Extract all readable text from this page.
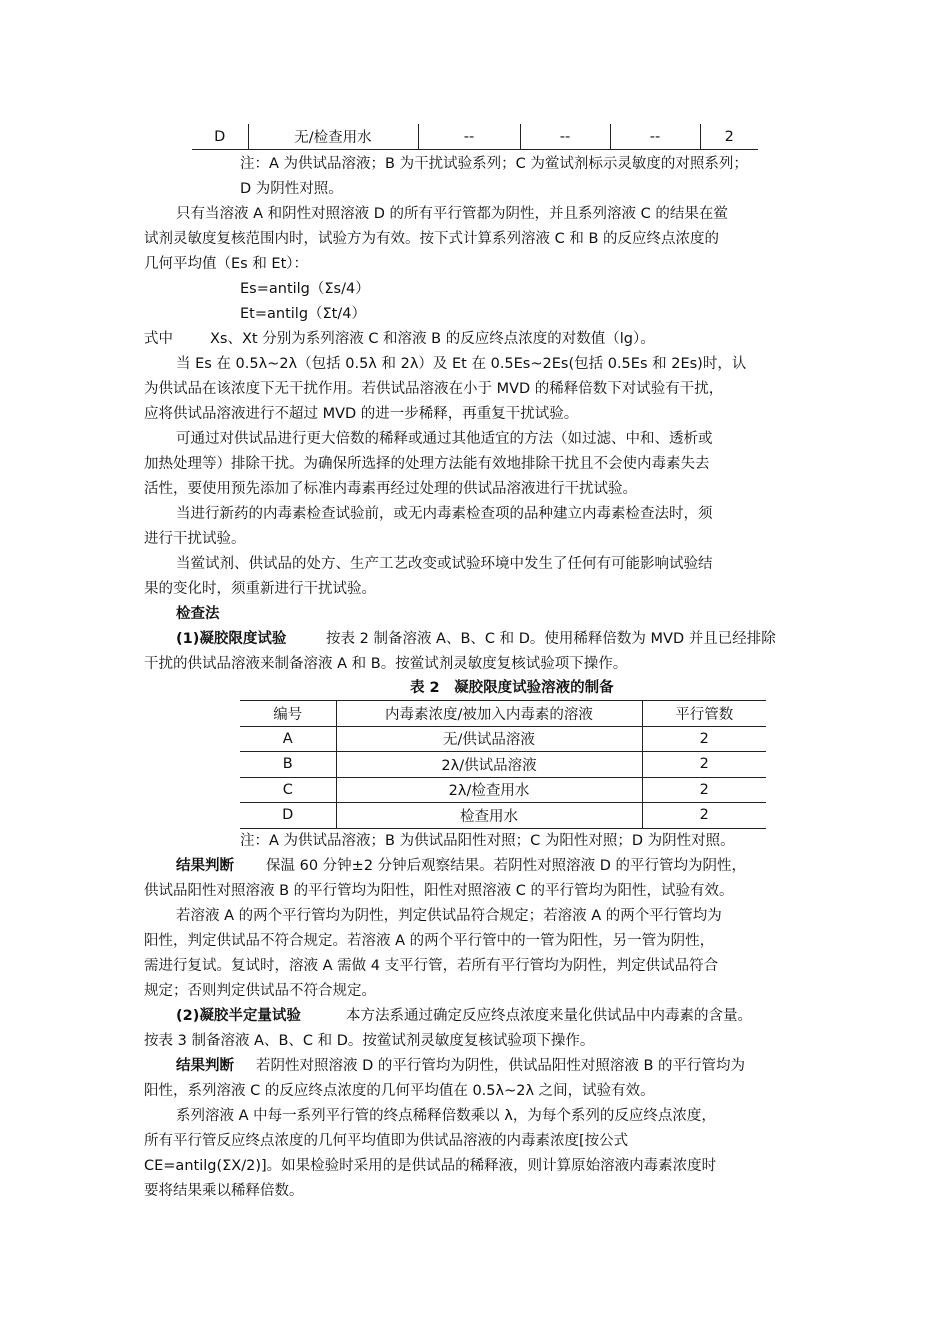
D	无/检查用水	--	--	--	2
注：A 为供试品溶液；B 为干扰试验系列；C 为鲎试剂标示灵敏度的对照系列；
D 为阴性对照。
只有当溶液 A 和阴性对照溶液 D 的所有平行管都为阴性，并且系列溶液 C 的结果在鲎
试剂灵敏度复核范围内时，试验方为有效。按下式计算系列溶液 C 和 B 的反应终点浓度的
几何平均值（Es 和 Et）：
Es=antilg（Σs/4）
Et=antilg（Σt/4）
式中	Xs、Xt 分别为系列溶液 C 和溶液 B 的反应终点浓度的对数值（lg）。
当 Es 在 0.5λ~2λ（包括 0.5λ 和 2λ）及 Et 在 0.5Es~2Es(包括 0.5Es 和 2Es)时，认
为供试品在该浓度下无干扰作用。若供试品溶液在小于 MVD 的稀释倍数下对试验有干扰，
应将供试品溶液进行不超过 MVD 的进一步稀释，再重复干扰试验。
可通过对供试品进行更大倍数的稀释或通过其他适宜的方法（如过滤、中和、透析或
加热处理等）排除干扰。为确保所选择的处理方法能有效地排除干扰且不会使内毒素失去
活性，要使用预先添加了标准内毒素再经过处理的供试品溶液进行干扰试验。
当进行新药的内毒素检查试验前，或无内毒素检查项的品种建立内毒素检查法时，须
进行干扰试验。
当鲎试剂、供试品的处方、生产工艺改变或试验环境中发生了任何有可能影响试验结
果的变化时，须重新进行干扰试验。
检查法
(1)凝胶限度试验	按表 2 制备溶液 A、B、C 和 D。使用稀释倍数为 MVD 并且已经排除
干扰的供试品溶液来制备溶液 A 和 B。按鲎试剂灵敏度复核试验项下操作。
表 2　凝胶限度试验溶液的制备
编号	内毒素浓度/被加入内毒素的溶液	平行管数
A	无/供试品溶液	2
B	2λ/供试品溶液	2
C	2λ/检查用水	2
D	检查用水	2
注：A 为供试品溶液；B 为供试品阳性对照；C 为阳性对照；D 为阴性对照。
结果判断 保温 60 分钟±2 分钟后观察结果。若阴性对照溶液 D 的平行管均为阴性，
供试品阳性对照溶液 B 的平行管均为阳性，阳性对照溶液 C 的平行管均为阳性，试验有效。
若溶液 A 的两个平行管均为阴性，判定供试品符合规定；若溶液 A 的两个平行管均为
阳性，判定供试品不符合规定。若溶液 A 的两个平行管中的一管为阳性，另一管为阴性，
需进行复试。复试时，溶液 A 需做 4 支平行管，若所有平行管均为阴性，判定供试品符合
规定；否则判定供试品不符合规定。
(2)凝胶半定量试验	本方法系通过确定反应终点浓度来量化供试品中内毒素的含量。
按表 3 制备溶液 A、B、C 和 D。按鲎试剂灵敏度复核试验项下操作。
结果判断 若阴性对照溶液 D 的平行管均为阴性，供试品阳性对照溶液 B 的平行管均为
阳性，系列溶液 C 的反应终点浓度的几何平均值在 0.5λ~2λ 之间，试验有效。
系列溶液 A 中每一系列平行管的终点稀释倍数乘以 λ，为每个系列的反应终点浓度，
所有平行管反应终点浓度的几何平均值即为供试品溶液的内毒素浓度[按公式
CE=antilg(ΣX/2)]。如果检验时采用的是供试品的稀释液，则计算原始溶液内毒素浓度时
要将结果乘以稀释倍数。
